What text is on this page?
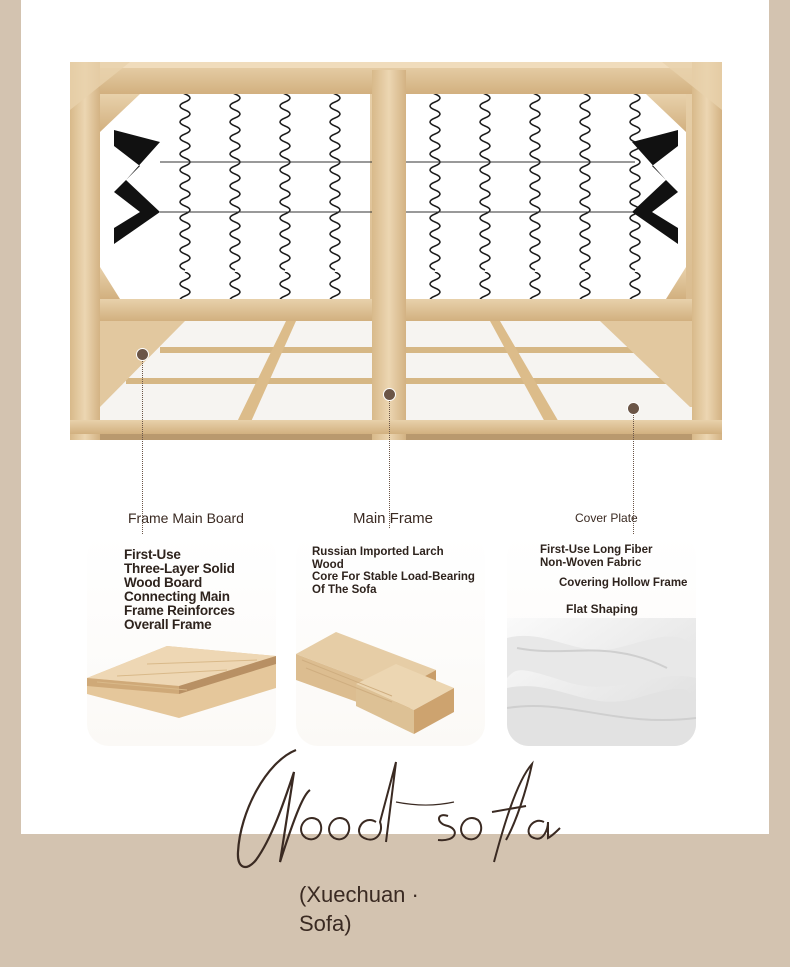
Frame Main Board	Main Frame	Cover Plate

First-Use
Three-Layer Solid
Wood Board
Connecting Main
Frame Reinforces
Overall Frame

Russian Imported Larch
Wood
Core For Stable Load-Bearing
Of The Sofa

First-Use Long Fiber
Non-Woven Fabric

Covering Hollow Frame

Flat Shaping

(Xuechuan ·
Sofa)
